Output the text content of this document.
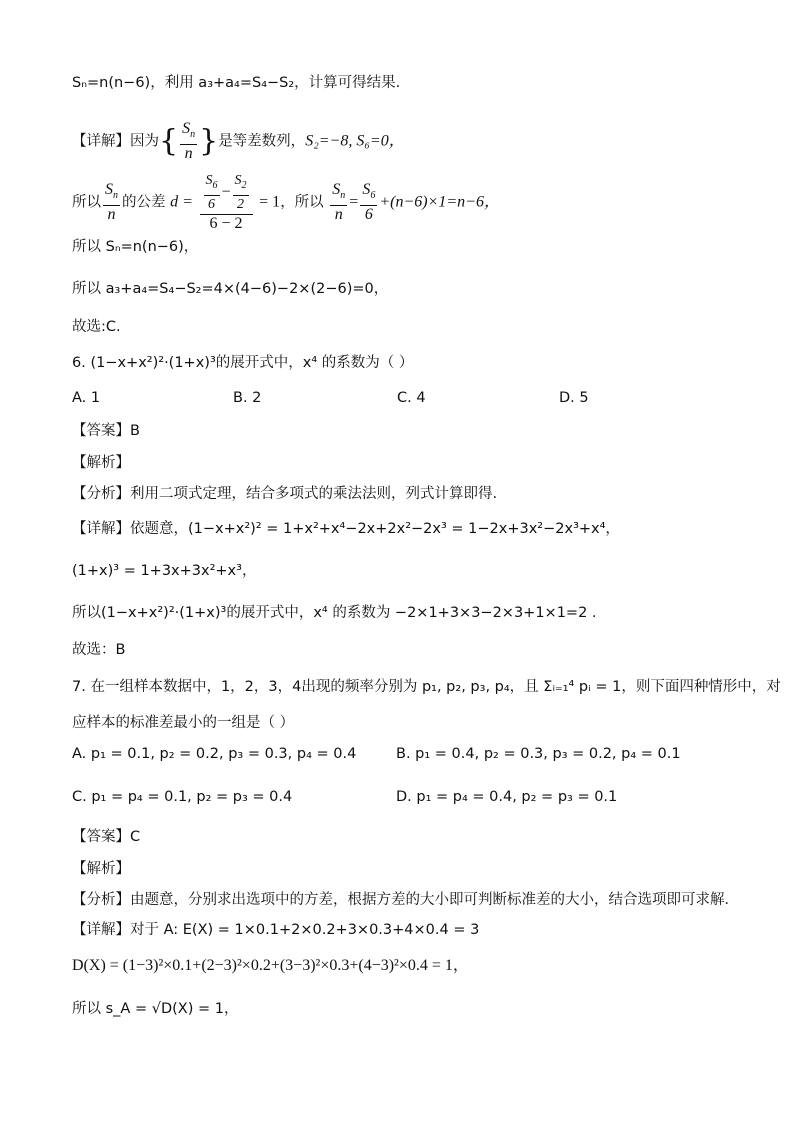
Sₙ=n(n−6)，利用 a₃+a₄=S₄−S₂，计算可得结果.
【详解】因为{ $\frac{S_n}{n}$ }是等差数列，S₂=−8, S₆=0，
所以 $\frac{S_n}{n}$ 的公差 $d = \frac{\frac{S_6}{6} - \frac{S_2}{2}}{6 - 2} = 1$，所以 $\frac{S_n}{n} = \frac{S_6}{6} +(n-6)\times 1=n-6$，
所以 Sₙ=n(n−6)，
所以 a₃+a₄=S₄−S₂=4×(4−6)−2×(2−6)=0，
故选:C.
6. (1−x+x²)²·(1+x)³的展开式中，x⁴ 的系数为（ ）
A. 1	B. 2	C. 4	D. 5
【答案】B
【解析】
【分析】利用二项式定理，结合多项式的乘法法则，列式计算即得.
【详解】依题意，(1−x+x²)² = 1+x²+x⁴−2x+2x²−2x³ = 1−2x+3x²−2x³+x⁴，
(1+x)³ = 1+3x+3x²+x³，
所以(1−x+x²)²·(1+x)³的展开式中，x⁴ 的系数为 −2×1+3×3−2×3+1×1=2 .
故选：B
7. 在一组样本数据中，1，2，3，4出现的频率分别为 p₁, p₂, p₃, p₄，且 Σᵢ₌₁⁴ pᵢ = 1，则下面四种情形中，对
应样本的标准差最小的一组是（ ）
A. p₁ = 0.1, p₂ = 0.2, p₃ = 0.3, p₄ = 0.4	B. p₁ = 0.4, p₂ = 0.3, p₃ = 0.2, p₄ = 0.1
C. p₁ = p₄ = 0.1, p₂ = p₃ = 0.4	D. p₁ = p₄ = 0.4, p₂ = p₃ = 0.1
【答案】C
【解析】
【分析】由题意，分别求出选项中的方差，根据方差的大小即可判断标准差的大小，结合选项即可求解．
【详解】对于 A: E(X) = 1×0.1+2×0.2+3×0.3+4×0.4 = 3
D(X) = (1−3)²×0.1+(2−3)²×0.2+(3−3)²×0.3+(4−3)²×0.4 = 1，
所以 s_A = √D(X) = 1，
